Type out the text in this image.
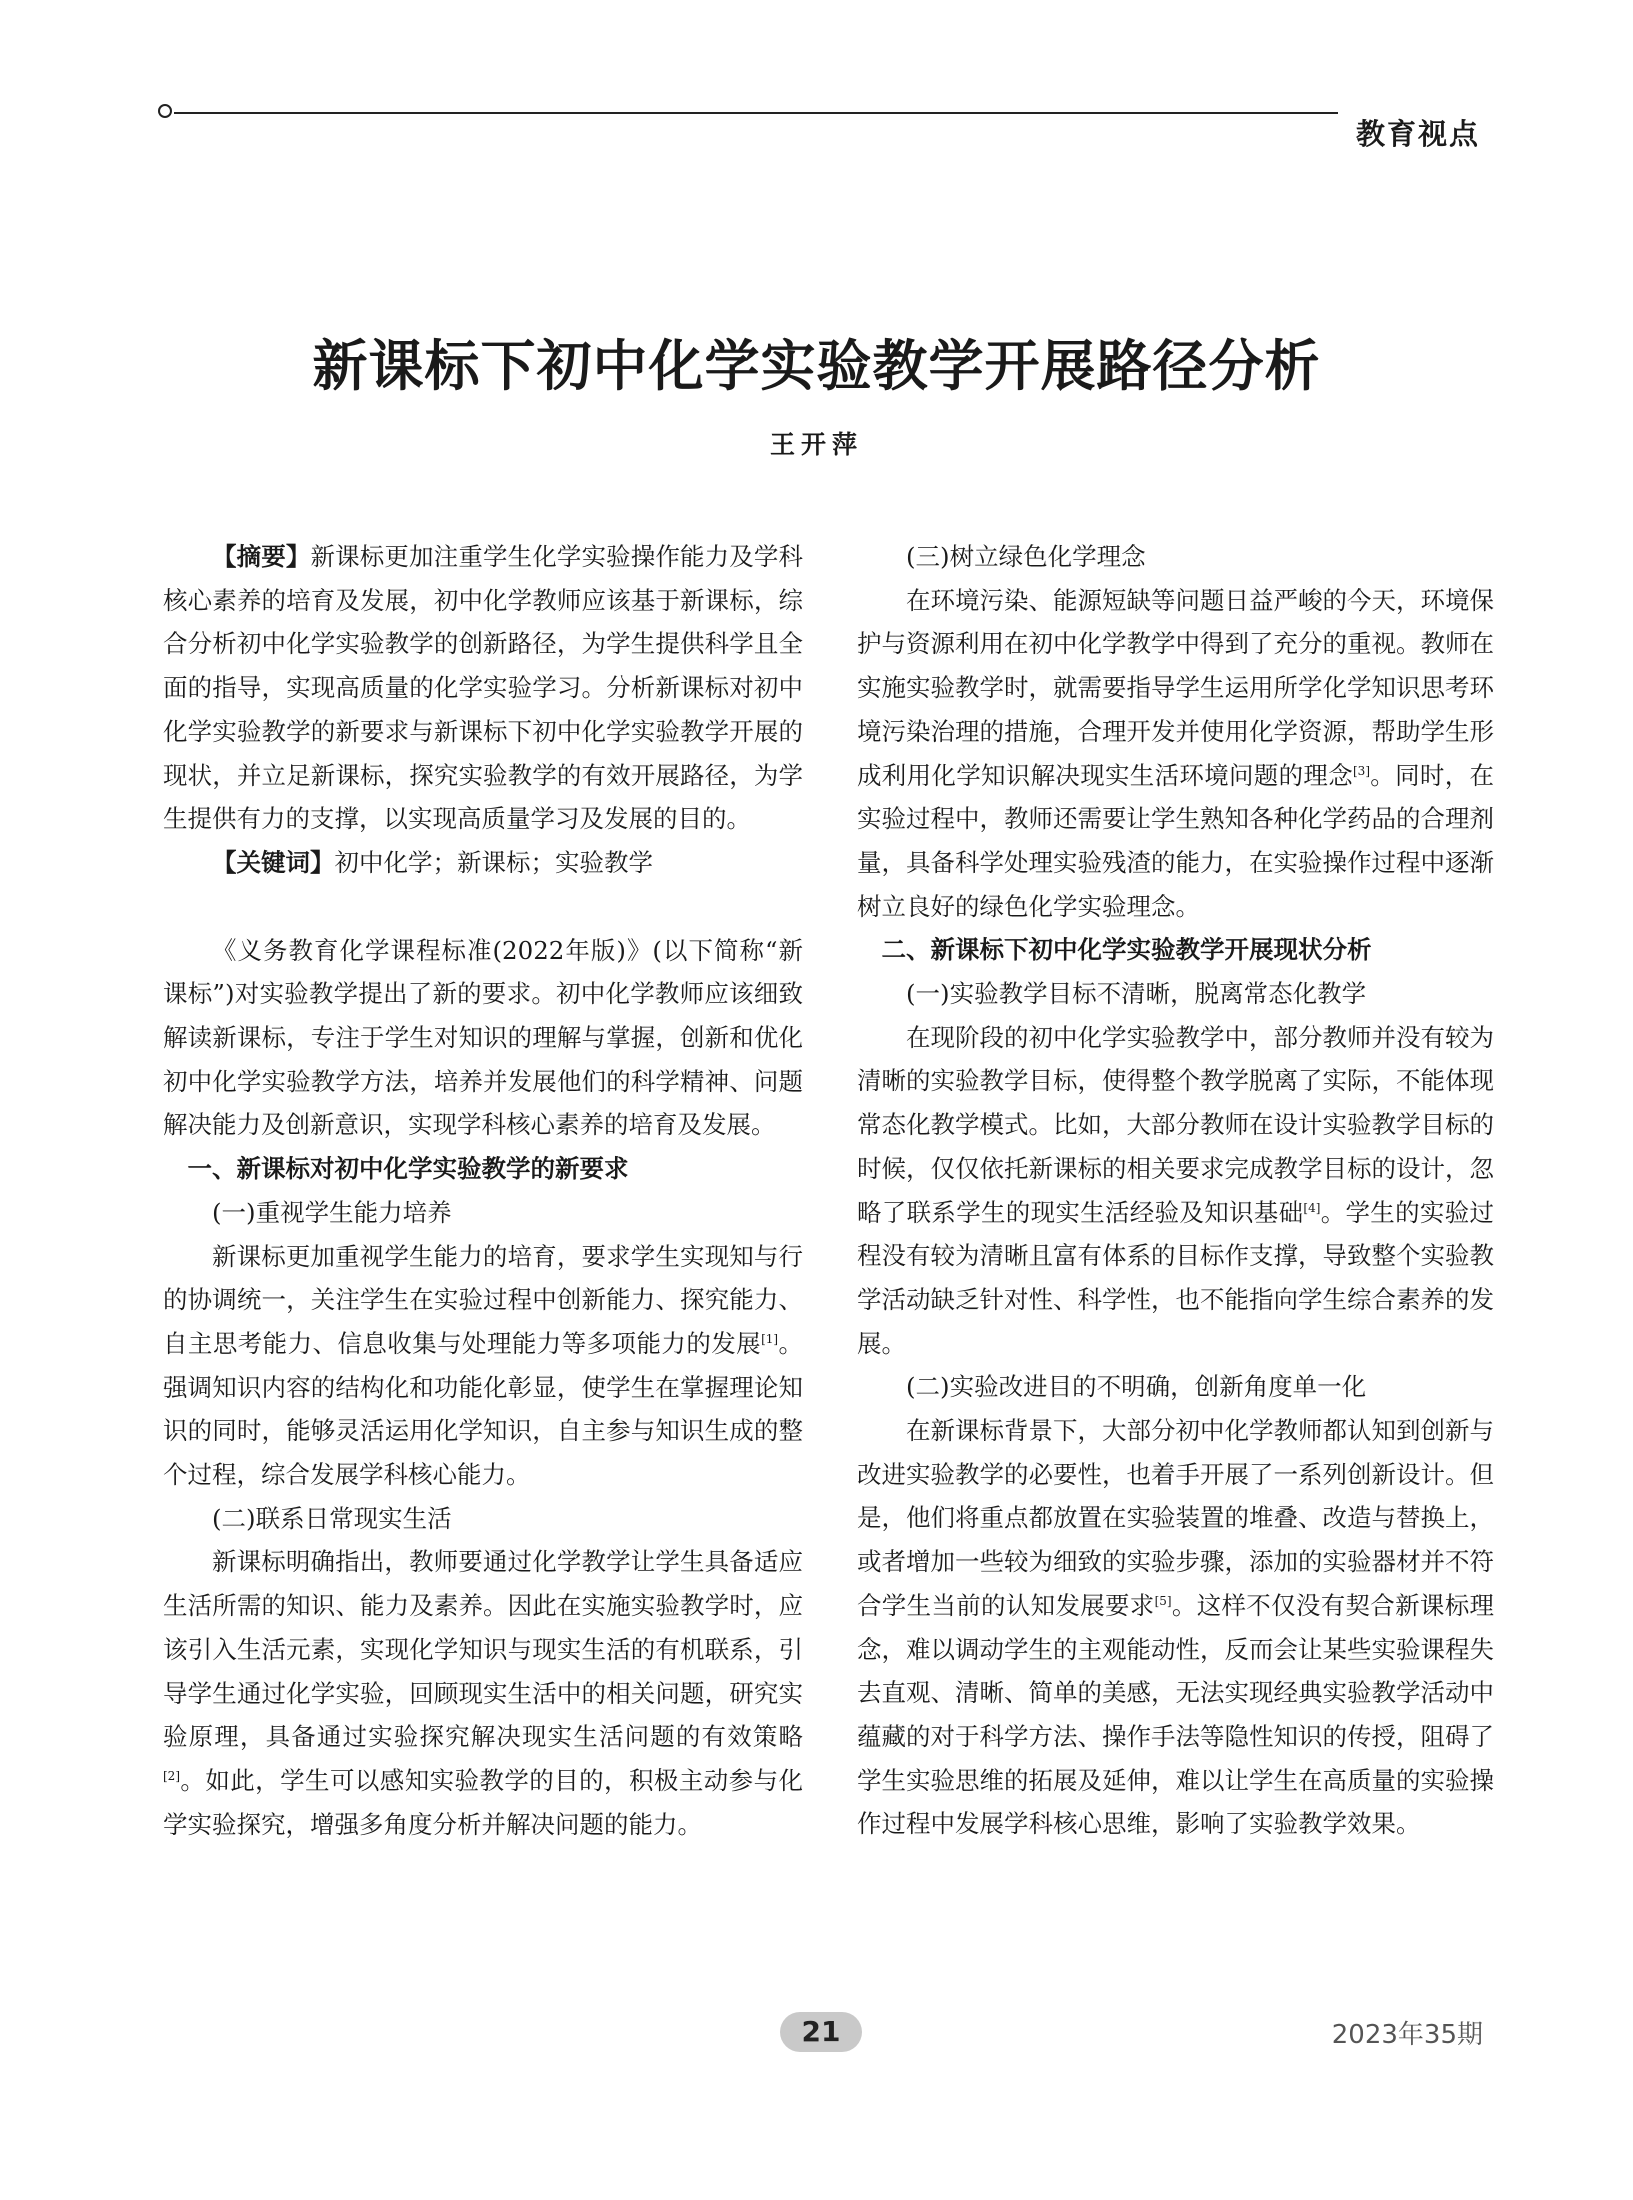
教育视点
新课标下初中化学实验教学开展路径分析
王开萍

【摘要】新课标更加注重学生化学实验操作能力及学科核心素养的培育及发展，初中化学教师应该基于新课标，综合分析初中化学实验教学的创新路径，为学生提供科学且全面的指导，实现高质量的化学实验学习。分析新课标对初中化学实验教学的新要求与新课标下初中化学实验教学开展的现状，并立足新课标，探究实验教学的有效开展路径，为学生提供有力的支撑，以实现高质量学习及发展的目的。

【关键词】初中化学；新课标；实验教学

《义务教育化学课程标准(2022年版)》(以下简称“新课标”)对实验教学提出了新的要求。初中化学教师应该细致解读新课标，专注于学生对知识的理解与掌握，创新和优化初中化学实验教学方法，培养并发展他们的科学精神、问题解决能力及创新意识，实现学科核心素养的培育及发展。

一、新课标对初中化学实验教学的新要求

(一)重视学生能力培养

新课标更加重视学生能力的培育，要求学生实现知与行的协调统一，关注学生在实验过程中创新能力、探究能力、自主思考能力、信息收集与处理能力等多项能力的发展[1]。强调知识内容的结构化和功能化彰显，使学生在掌握理论知识的同时，能够灵活运用化学知识，自主参与知识生成的整个过程，综合发展学科核心能力。

(二)联系日常现实生活

新课标明确指出，教师要通过化学教学让学生具备适应生活所需的知识、能力及素养。因此在实施实验教学时，应该引入生活元素，实现化学知识与现实生活的有机联系，引导学生通过化学实验，回顾现实生活中的相关问题，研究实验原理，具备通过实验探究解决现实生活问题的有效策略[2]。如此，学生可以感知实验教学的目的，积极主动参与化学实验探究，增强多角度分析并解决问题的能力。

(三)树立绿色化学理念

在环境污染、能源短缺等问题日益严峻的今天，环境保护与资源利用在初中化学教学中得到了充分的重视。教师在实施实验教学时，就需要指导学生运用所学化学知识思考环境污染治理的措施，合理开发并使用化学资源，帮助学生形成利用化学知识解决现实生活环境问题的理念[3]。同时，在实验过程中，教师还需要让学生熟知各种化学药品的合理剂量，具备科学处理实验残渣的能力，在实验操作过程中逐渐树立良好的绿色化学实验理念。

二、新课标下初中化学实验教学开展现状分析

(一)实验教学目标不清晰，脱离常态化教学

在现阶段的初中化学实验教学中，部分教师并没有较为清晰的实验教学目标，使得整个教学脱离了实际，不能体现常态化教学模式。比如，大部分教师在设计实验教学目标的时候，仅仅依托新课标的相关要求完成教学目标的设计，忽略了联系学生的现实生活经验及知识基础[4]。学生的实验过程没有较为清晰且富有体系的目标作支撑，导致整个实验教学活动缺乏针对性、科学性，也不能指向学生综合素养的发展。

(二)实验改进目的不明确，创新角度单一化

在新课标背景下，大部分初中化学教师都认知到创新与改进实验教学的必要性，也着手开展了一系列创新设计。但是，他们将重点都放置在实验装置的堆叠、改造与替换上，或者增加一些较为细致的实验步骤，添加的实验器材并不符合学生当前的认知发展要求[5]。这样不仅没有契合新课标理念，难以调动学生的主观能动性，反而会让某些实验课程失去直观、清晰、简单的美感，无法实现经典实验教学活动中蕴藏的对于科学方法、操作手法等隐性知识的传授，阻碍了学生实验思维的拓展及延伸，难以让学生在高质量的实验操作过程中发展学科核心思维，影响了实验教学效果。

21	2023年35期
